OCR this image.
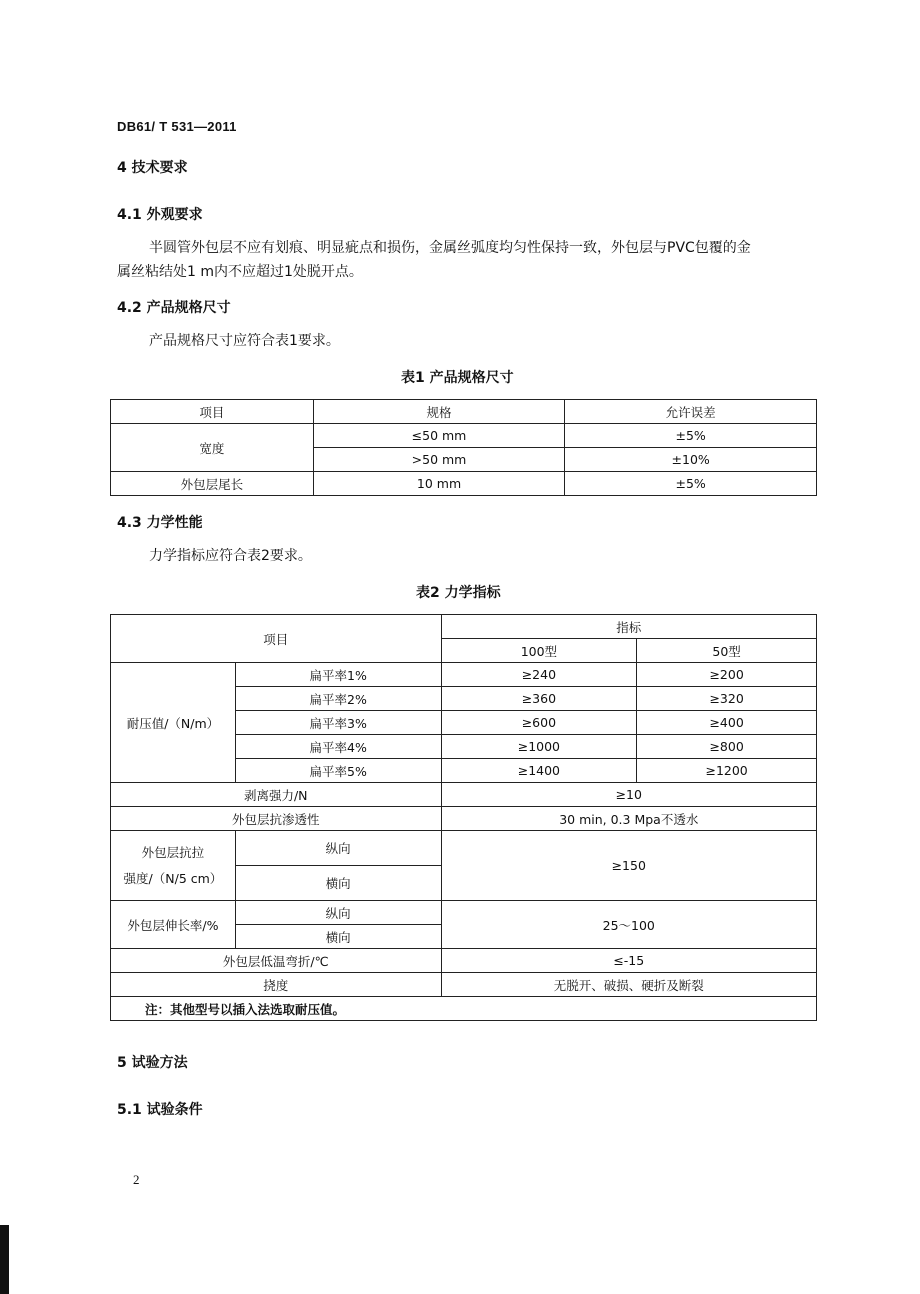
DB61/ T 531—2011
4 技术要求
4.1 外观要求
半圆管外包层不应有划痕、明显疵点和损伤，金属丝弧度均匀性保持一致，外包层与PVC包覆的金
属丝粘结处1 m内不应超过1处脱开点。
4.2 产品规格尺寸
产品规格尺寸应符合表1要求。
表1 产品规格尺寸
项目	规格	允许误差
宽度	≤50 mm	±5%
	>50 mm	±10%
外包层尾长	10 mm	±5%
4.3 力学性能
力学指标应符合表2要求。
表2 力学指标
项目		指标	
		100型	50型
耐压值/（N/m）	扁平率1%	≥240	≥200
	扁平率2%	≥360	≥320
	扁平率3%	≥600	≥400
	扁平率4%	≥1000	≥800
	扁平率5%	≥1400	≥1200
剥离强力/N		≥10	
外包层抗渗透性		30 min, 0.3 Mpa不透水	
外包层抗拉
强度/（N/5 cm）	纵向	≥150	
	横向		
外包层伸长率/%	纵向	25～100	
	横向		
外包层低温弯折/℃		≤-15	
挠度		无脱开、破损、硬折及断裂	
注：其他型号以插入法选取耐压值。			
5 试验方法
5.1 试验条件
2
